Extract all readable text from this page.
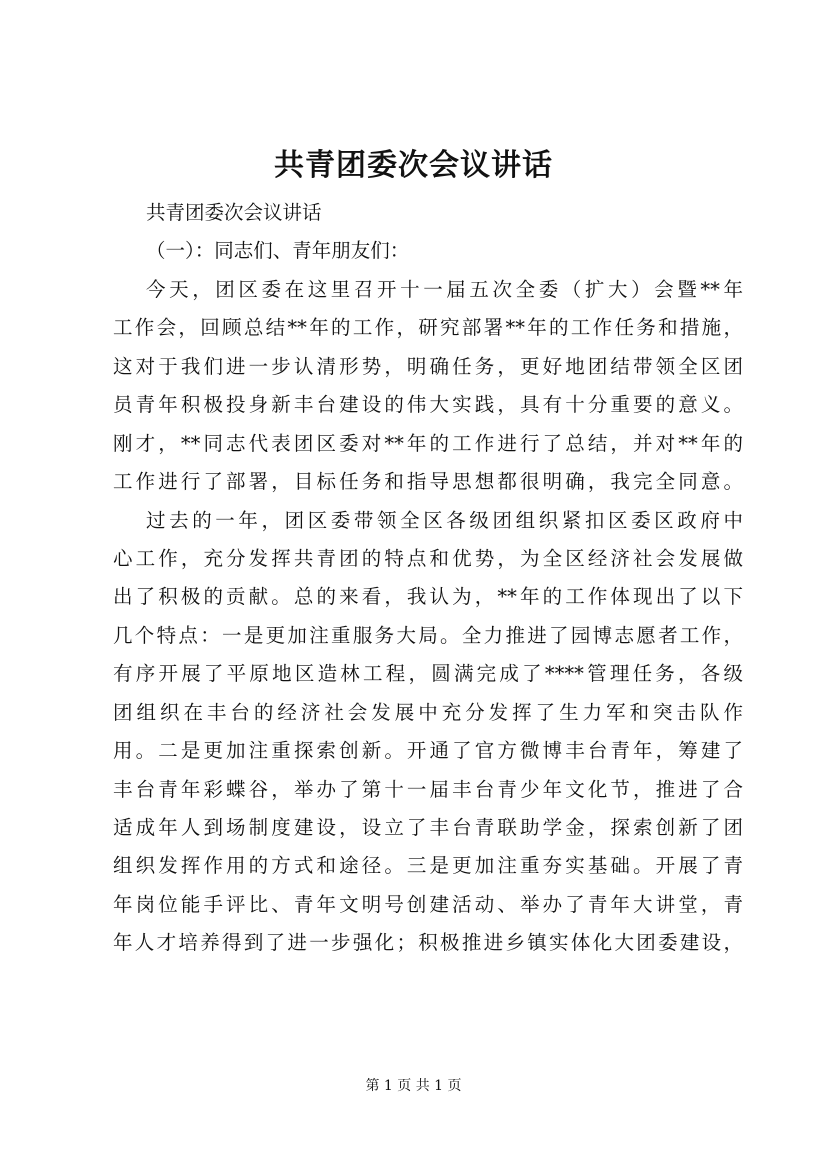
共青团委次会议讲话
共青团委次会议讲话
（一）：同志们、青年朋友们：
今天，团区委在这里召开十一届五次全委（扩大）会暨**年
工作会，回顾总结**年的工作，研究部署**年的工作任务和措施，
这对于我们进一步认清形势，明确任务，更好地团结带领全区团
员青年积极投身新丰台建设的伟大实践，具有十分重要的意义。
刚才，**同志代表团区委对**年的工作进行了总结，并对**年的
工作进行了部署，目标任务和指导思想都很明确，我完全同意。
过去的一年，团区委带领全区各级团组织紧扣区委区政府中
心工作，充分发挥共青团的特点和优势，为全区经济社会发展做
出了积极的贡献。总的来看，我认为，**年的工作体现出了以下
几个特点：一是更加注重服务大局。全力推进了园博志愿者工作，
有序开展了平原地区造林工程，圆满完成了****管理任务，各级
团组织在丰台的经济社会发展中充分发挥了生力军和突击队作
用。二是更加注重探索创新。开通了官方微博丰台青年，筹建了
丰台青年彩蝶谷，举办了第十一届丰台青少年文化节，推进了合
适成年人到场制度建设，设立了丰台青联助学金，探索创新了团
组织发挥作用的方式和途径。三是更加注重夯实基础。开展了青
年岗位能手评比、青年文明号创建活动、举办了青年大讲堂，青
年人才培养得到了进一步强化；积极推进乡镇实体化大团委建设，
第 1 页 共 1 页
